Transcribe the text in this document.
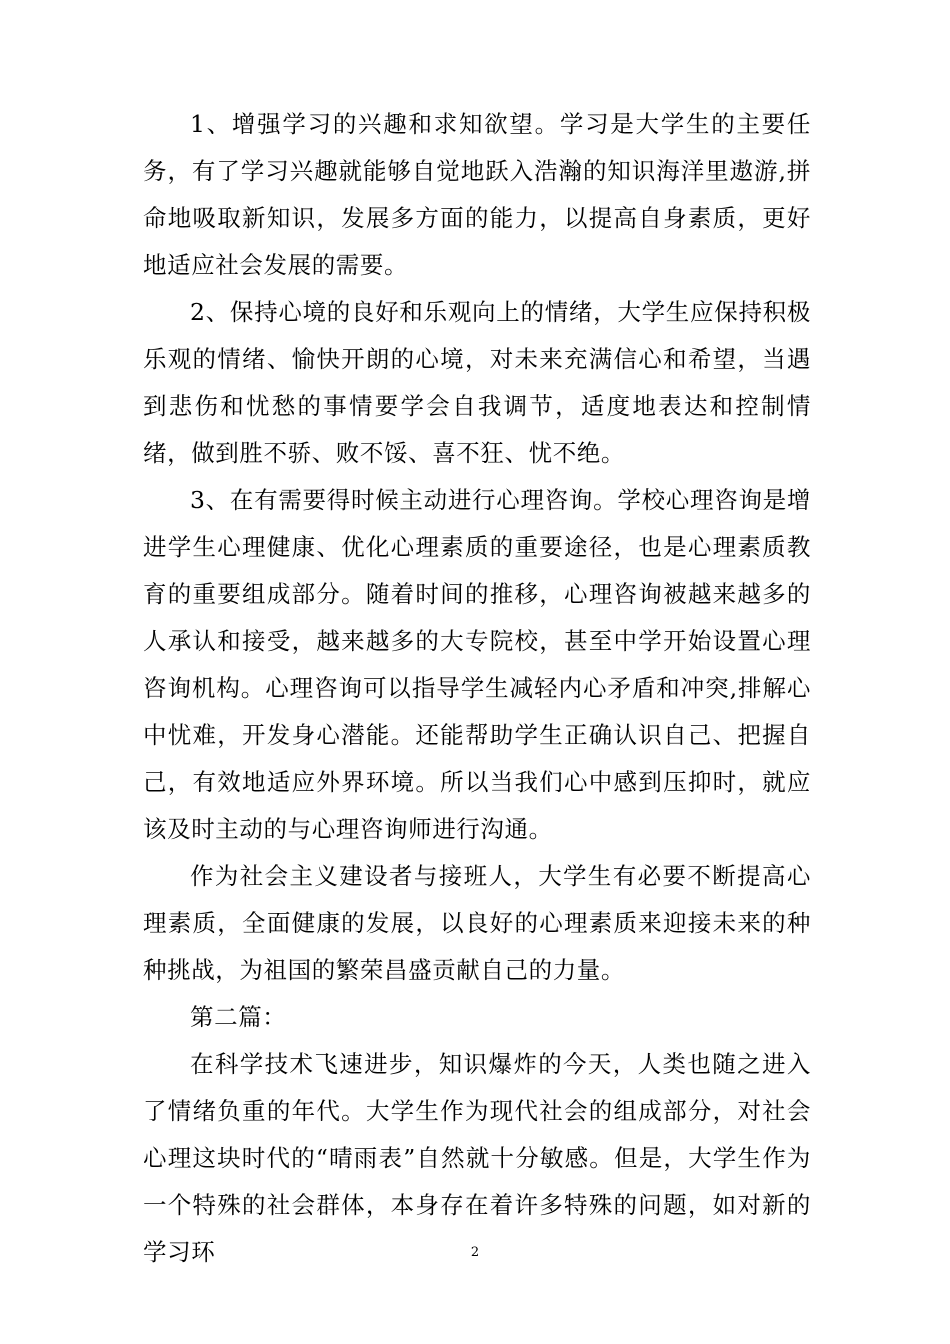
1、增强学习的兴趣和求知欲望。学习是大学生的主要任务，有了学习兴趣就能够自觉地跃入浩瀚的知识海洋里遨游,拼命地吸取新知识，发展多方面的能力，以提高自身素质，更好地适应社会发展的需要。

2、保持心境的良好和乐观向上的情绪，大学生应保持积极乐观的情绪、愉快开朗的心境，对未来充满信心和希望，当遇到悲伤和忧愁的事情要学会自我调节，适度地表达和控制情绪，做到胜不骄、败不馁、喜不狂、忧不绝。

3、在有需要得时候主动进行心理咨询。学校心理咨询是增进学生心理健康、优化心理素质的重要途径，也是心理素质教育的重要组成部分。随着时间的推移，心理咨询被越来越多的人承认和接受，越来越多的大专院校，甚至中学开始设置心理咨询机构。心理咨询可以指导学生减轻内心矛盾和冲突,排解心中忧难，开发身心潜能。还能帮助学生正确认识自己、把握自己，有效地适应外界环境。所以当我们心中感到压抑时，就应该及时主动的与心理咨询师进行沟通。

作为社会主义建设者与接班人，大学生有必要不断提高心理素质，全面健康的发展，以良好的心理素质来迎接未来的种种挑战，为祖国的繁荣昌盛贡献自己的力量。

第二篇：

在科学技术飞速进步，知识爆炸的今天，人类也随之进入了情绪负重的年代。大学生作为现代社会的组成部分，对社会心理这块时代的“晴雨表”自然就十分敏感。但是，大学生作为一个特殊的社会群体，本身存在着许多特殊的问题，如对新的学习环	2
